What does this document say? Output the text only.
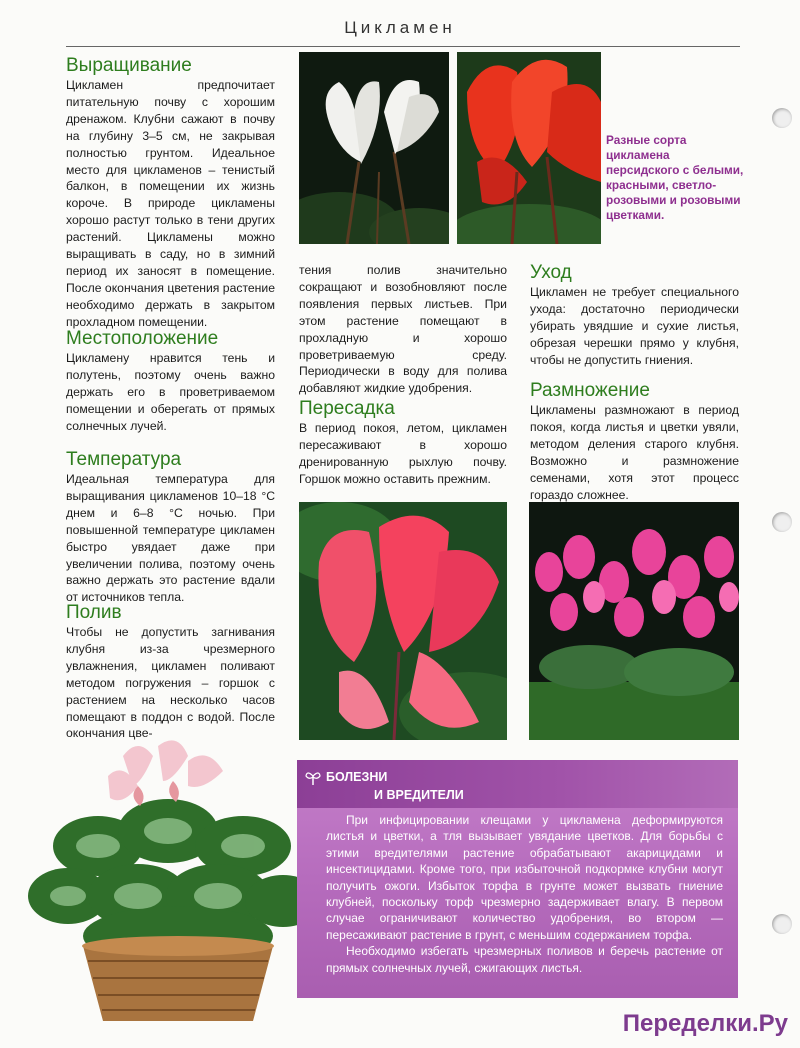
Цикламен
Выращивание

Цикламен предпочитает питательную почву с хорошим дренажом. Клубни сажают в почву на глубину 3–5 см, не закрывая полностью грунтом. Идеальное место для цикламенов – тенистый балкон, в помещении их жизнь короче. В природе цикламены хорошо растут только в тени других растений. Цикламены можно выращивать в саду, но в зимний период их заносят в помещение. После окончания цветения растение необходимо держать в закрытом прохладном помещении.

Местоположение

Цикламену нравится тень и полутень, поэтому очень важно держать его в проветриваемом помещении и оберегать от прямых солнечных лучей.

Температура

Идеальная температура для выращивания цикламенов 10–18 °С днем и 6–8 °С ночью. При повышенной температуре цикламен быстро увядает даже при увеличении полива, поэтому очень важно держать это растение вдали от источников тепла.

Полив

Чтобы не допустить загнивания клубня из-за чрезмерного увлажнения, цикламен поливают методом погружения – горшок с растением на несколько часов помещают в поддон с водой. После окончания цве-

Разные сорта цикламена персидского с белыми, красными, светло-розовыми и розовыми цветками.

тения полив значительно сокращают и возобновляют после появления первых листьев. При этом растение помещают в прохладную и хорошо проветриваемую среду. Периодически в воду для полива добавляют жидкие удобрения.

Пересадка

В период покоя, летом, цикламен пересаживают в хорошо дренированную рыхлую почву. Горшок можно оставить прежним.

Уход

Цикламен не требует специального ухода: достаточно периодически убирать увядшие и сухие листья, обрезая черешки прямо у клубня, чтобы не допустить гниения.

Размножение

Цикламены размножают в период покоя, когда листья и цветки увяли, методом деления старого клубня. Возможно и размножение семенами, хотя этот процесс гораздо сложнее.

БОЛЕЗНИ
И ВРЕДИТЕЛИ

При инфицировании клещами у цикламена деформируются листья и цветки, а тля вызывает увядание цветков. Для борьбы с этими вредителями растение обрабатывают акарицидами и инсектицидами. Кроме того, при избыточной подкормке клубни могут получить ожоги. Избыток торфа в грунте может вызвать гниение клубней, поскольку торф чрезмерно задерживает влагу. В первом случае ограничивают количество удобрения, во втором — пересаживают растение в грунт, с меньшим содержанием торфа.

Необходимо избегать чрезмерных поливов и беречь растение от прямых солнечных лучей, сжигающих листья.

Переделки.Ру
